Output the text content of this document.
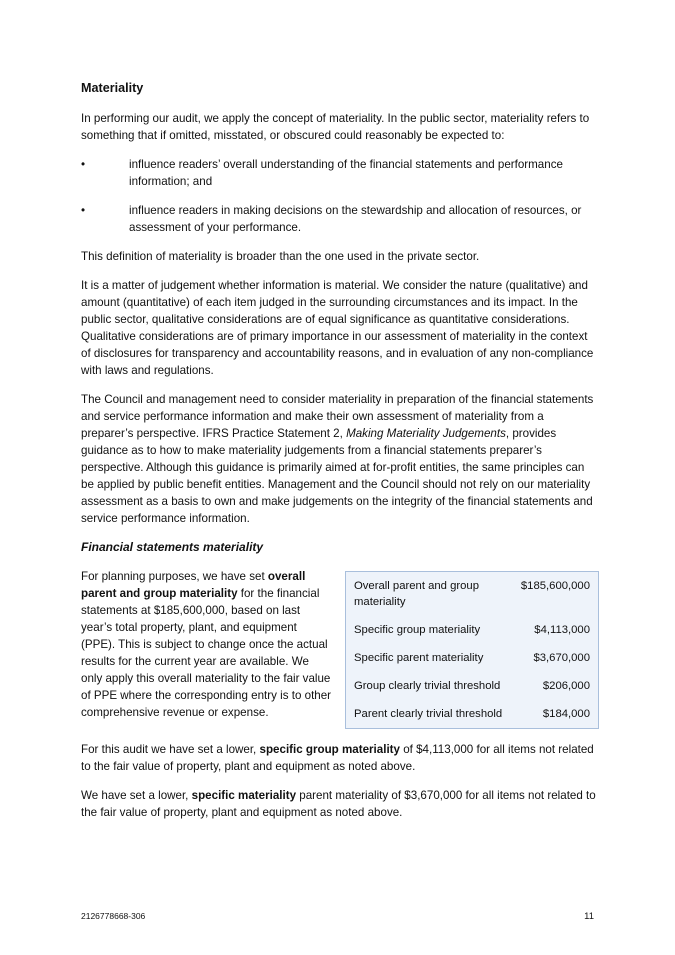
Materiality

In performing our audit, we apply the concept of materiality. In the public sector, materiality refers to something that if omitted, misstated, or obscured could reasonably be expected to:

•	influence readers’ overall understanding of the financial statements and performance information; and
•	influence readers in making decisions on the stewardship and allocation of resources, or assessment of your performance.

This definition of materiality is broader than the one used in the private sector.

It is a matter of judgement whether information is material. We consider the nature (qualitative) and amount (quantitative) of each item judged in the surrounding circumstances and its impact. In the public sector, qualitative considerations are of equal significance as quantitative considerations. Qualitative considerations are of primary importance in our assessment of materiality in the context of disclosures for transparency and accountability reasons, and in evaluation of any non-compliance with laws and regulations.

The Council and management need to consider materiality in preparation of the financial statements and service performance information and make their own assessment of materiality from a preparer’s perspective. IFRS Practice Statement 2, Making Materiality Judgements, provides guidance as to how to make materiality judgements from a financial statements preparer’s perspective. Although this guidance is primarily aimed at for-profit entities, the same principles can be applied by public benefit entities. Management and the Council should not rely on our materiality assessment as a basis to own and make judgements on the integrity of the financial statements and service performance information.

Financial statements materiality
For planning purposes, we have set overall parent and group materiality for the financial statements at $185,600,000, based on last year’s total property, plant, and equipment (PPE). This is subject to change once the actual results for the current year are available. We only apply this overall materiality to the fair value of PPE where the corresponding entry is to other comprehensive revenue or expense.
Overall parent and group materiality	$185,600,000
Specific group materiality	$4,113,000
Specific parent materiality	$3,670,000
Group clearly trivial threshold	$206,000
Parent clearly trivial threshold	$184,000

For this audit we have set a lower, specific group materiality of $4,113,000 for all items not related to the fair value of property, plant and equipment as noted above.

We have set a lower, specific materiality parent materiality of $3,670,000 for all items not related to the fair value of property, plant and equipment as noted above.

2126778668-306	11
